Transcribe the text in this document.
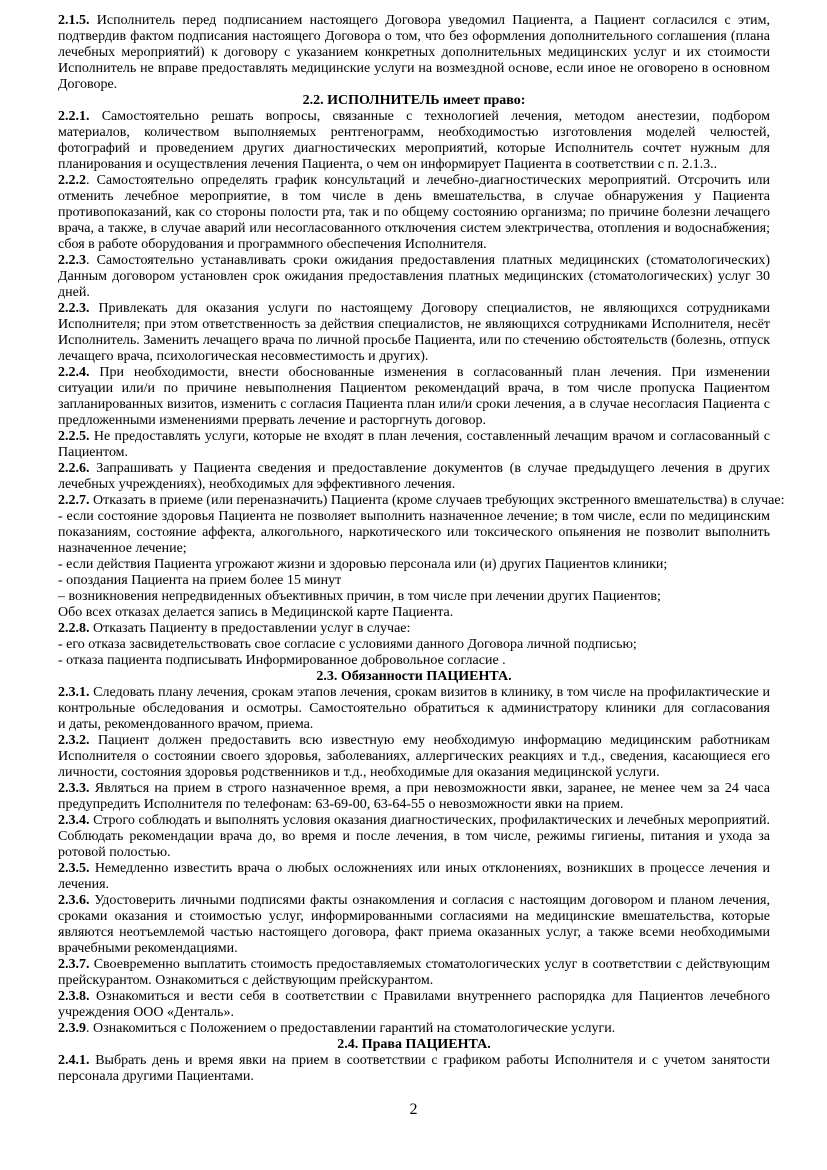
2.1.5. Исполнитель перед подписанием настоящего Договора уведомил Пациента, а Пациент согласился с этим,
подтвердив фактом подписания настоящего Договора о том, что без оформления дополнительного соглашения (плана
лечебных мероприятий) к договору с указанием конкретных дополнительных медицинских услуг и их стоимости
Исполнитель не вправе предоставлять медицинские услуги на возмездной основе, если иное не оговорено в основном
Договоре.
2.2. ИСПОЛНИТЕЛЬ имеет право:
2.2.1. Самостоятельно решать вопросы, связанные с технологией лечения, методом анестезии, подбором
материалов, количеством выполняемых рентгенограмм, необходимостью изготовления моделей челюстей,
фотографий и проведением других диагностических мероприятий, которые Исполнитель сочтет нужным для
планирования и осуществления лечения Пациента, о чем он информирует Пациента в соответствии с п. 2.1.3..
2.2.2. Самостоятельно определять график консультаций и лечебно-диагностических мероприятий. Отсрочить или
отменить лечебное мероприятие, в том числе в день вмешательства, в случае обнаружения у Пациента
противопоказаний, как со стороны полости рта, так и по общему состоянию организма; по причине болезни лечащего
врача, а также, в случае аварий или несогласованного отключения систем электричества, отопления и водоснабжения;
сбоя в работе оборудования и программного обеспечения Исполнителя.
2.2.3. Самостоятельно устанавливать сроки ожидания предоставления платных медицинских (стоматологических)
Данным договором установлен срок ожидания предоставления платных медицинских (стоматологических) услуг 30
дней.
2.2.3. Привлекать для оказания услуги по настоящему Договору специалистов, не являющихся сотрудниками
Исполнителя; при этом ответственность за действия специалистов, не являющихся сотрудниками Исполнителя, несёт
Исполнитель. Заменить лечащего врача по личной просьбе Пациента, или по стечению обстоятельств (болезнь, отпуск
лечащего врача, психологическая несовместимость и других).
2.2.4. При необходимости, внести обоснованные изменения в согласованный план лечения. При изменении
ситуации или/и по причине невыполнения Пациентом рекомендаций врача, в том числе пропуска Пациентом
запланированных визитов, изменить с согласия Пациента план или/и сроки лечения, а в случае несогласия Пациента с
предложенными изменениями прервать лечение и расторгнуть договор.
2.2.5. Не предоставлять услуги, которые не входят в план лечения, составленный лечащим врачом и согласованный с
Пациентом.
2.2.6. Запрашивать у Пациента сведения и предоставление документов (в случае предыдущего лечения в других
лечебных учреждениях), необходимых для эффективного лечения.
2.2.7. Отказать в приеме (или переназначить) Пациента (кроме случаев требующих экстренного вмешательства) в случае:
- если состояние здоровья Пациента не позволяет выполнить назначенное лечение; в том числе, если по медицинским
показаниям, состояние аффекта, алкогольного, наркотического или токсического опьянения не позволит выполнить
назначенное лечение;
- если действия Пациента угрожают жизни и здоровью персонала или (и) других Пациентов клиники;
- опоздания Пациента на прием более 15 минут
– возникновения непредвиденных объективных причин, в том числе при лечении других Пациентов;
Обо всех отказах делается запись в Медицинской карте Пациента.
2.2.8. Отказать Пациенту в предоставлении услуг в случае:
- его отказа засвидетельствовать свое согласие с условиями данного Договора личной подписью;
- отказа пациента подписывать Информированное добровольное согласие .
2.3. Обязанности ПАЦИЕНТА.
2.3.1. Следовать плану лечения, срокам этапов лечения, срокам визитов в клинику, в том числе на профилактические и
контрольные обследования и осмотры. Самостоятельно обратиться к администратору клиники для согласования
и даты, рекомендованного врачом, приема.
2.3.2. Пациент должен предоставить всю известную ему необходимую информацию медицинским работникам
Исполнителя о состоянии своего здоровья, заболеваниях, аллергических реакциях и т.д., сведения, касающиеся его
личности, состояния здоровья родственников и т.д., необходимые для оказания медицинской услуги.
2.3.3. Являться на прием в строго назначенное время, а при невозможности явки, заранее, не менее чем за 24 часа
предупредить Исполнителя по телефонам: 63-69-00, 63-64-55 о невозможности явки на прием.
2.3.4. Строго соблюдать и выполнять условия оказания диагностических, профилактических и лечебных мероприятий.
Соблюдать рекомендации врача до, во время и после лечения, в том числе, режимы гигиены, питания и ухода за
ротовой полостью.
2.3.5. Немедленно известить врача о любых осложнениях или иных отклонениях, возникших в процессе лечения и
лечения.
2.3.6. Удостоверить личными подписями факты ознакомления и согласия с настоящим договором и планом лечения,
сроками оказания и стоимостью услуг, информированными согласиями на медицинские вмешательства, которые
являются неотъемлемой частью настоящего договора, факт приема оказанных услуг, а также всеми необходимыми
врачебными рекомендациями.
2.3.7. Своевременно выплатить стоимость предоставляемых стоматологических услуг в соответствии с действующим
прейскурантом. Ознакомиться с действующим прейскурантом.
2.3.8. Ознакомиться и вести себя в соответствии с Правилами внутреннего распорядка для Пациентов лечебного
учреждения ООО «Денталь».
2.3.9. Ознакомиться с Положением о предоставлении гарантий на стоматологические услуги.
2.4. Права ПАЦИЕНТА.
2.4.1. Выбрать день и время явки на прием в соответствии с графиком работы Исполнителя и с учетом занятости
персонала другими Пациентами.
2
